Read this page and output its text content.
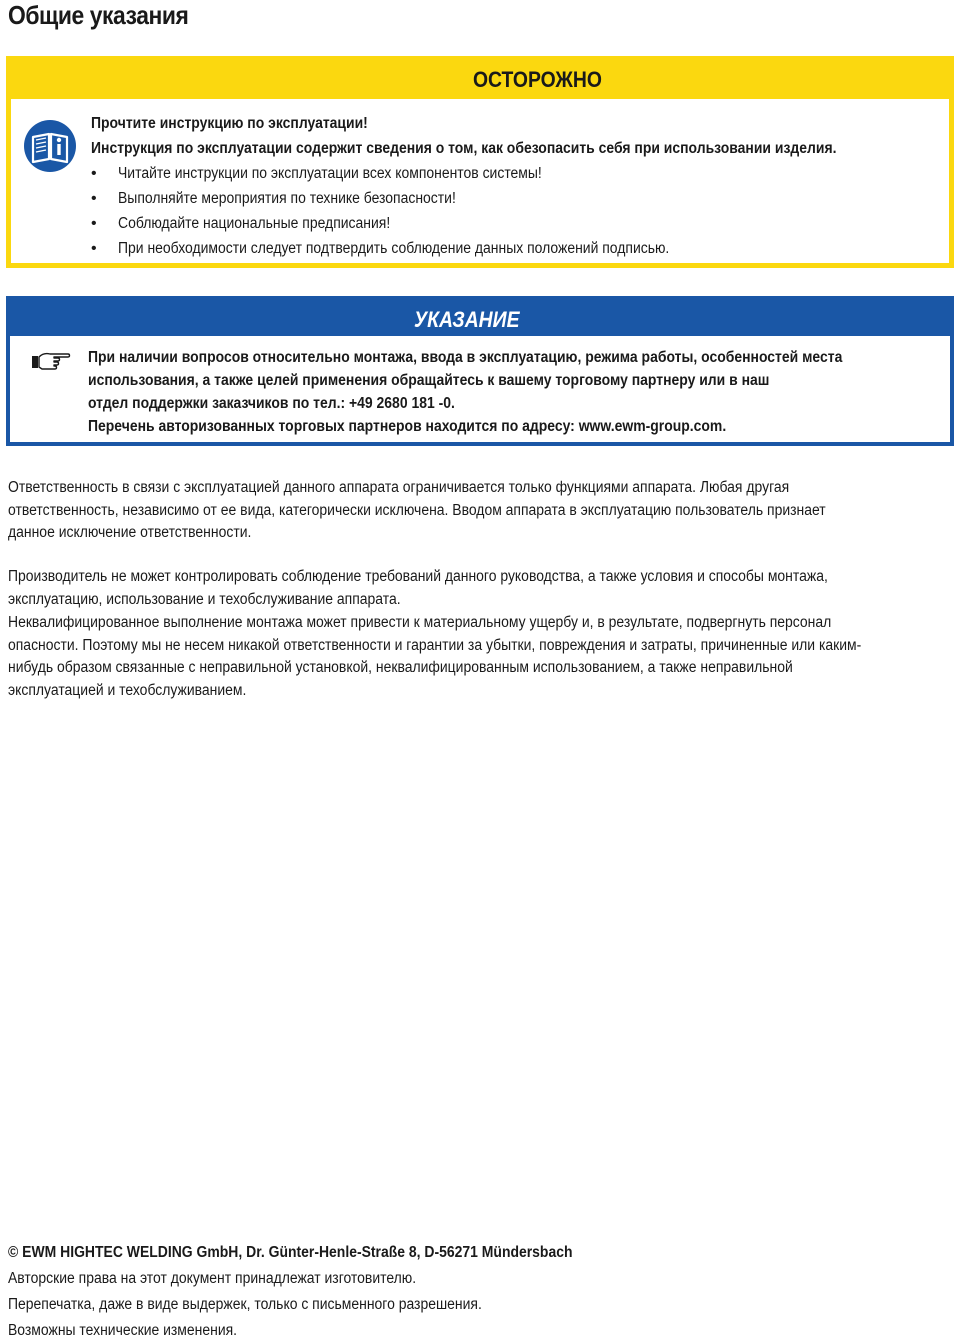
Общие указания
ОСТОРОЖНО
Прочтите инструкцию по эксплуатации!
Инструкция по эксплуатации содержит сведения о том, как обезопасить себя при использовании изделия.
• Читайте инструкции по эксплуатации всех компонентов системы!
• Выполняйте мероприятия по технике безопасности!
• Соблюдайте национальные предписания!
• При необходимости следует подтвердить соблюдение данных положений подписью.
УКАЗАНИЕ

При наличии вопросов относительно монтажа, ввода в эксплуатацию, режима работы, особенностей места

использования, а также целей применения обращайтесь к вашему торговому партнеру или в наш

отдел поддержки заказчиков по тел.: +49 2680 181 -0.

Перечень авторизованных торговых партнеров находится по адресу: www.ewm-group.com.

Ответственность в связи с эксплуатацией данного аппарата ограничивается только функциями аппарата. Любая другая

ответственность, независимо от ее вида, категорически исключена. Вводом аппарата в эксплуатацию пользователь признает

данное исключение ответственности.

Производитель не может контролировать соблюдение требований данного руководства, а также условия и способы монтажа,

эксплуатацию, использование и техобслуживание аппарата.

Неквалифицированное выполнение монтажа может привести к материальному ущербу и, в результате, подвергнуть персонал

опасности. Поэтому мы не несем никакой ответственности и гарантии за убытки, повреждения и затраты, причиненные или каким-

нибудь образом связанные с неправильной установкой, неквалифицированным использованием, а также неправильной

эксплуатацией и техобслуживанием.

© EWM HIGHTEC WELDING GmbH, Dr. Günter-Henle-Straße 8, D-56271 Mündersbach

Авторские права на этот документ принадлежат изготовителю.

Перепечатка, даже в виде выдержек, только с письменного разрешения.

Возможны технические изменения.
